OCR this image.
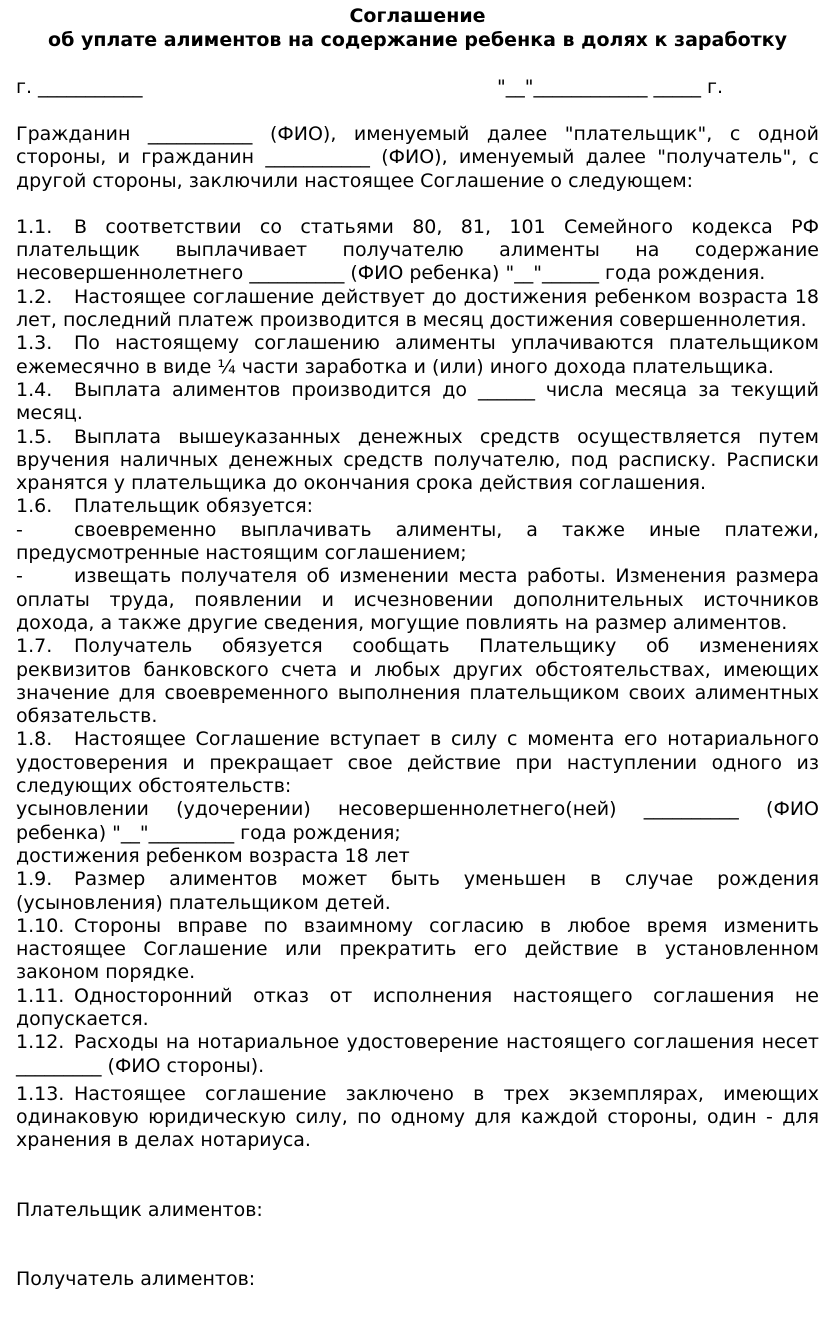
Соглашение
об уплате алиментов на содержание ребенка в долях к заработку

г. ___________	"__"____________ _____ г.

Гражданин ___________ (ФИО), именуемый далее "плательщик", с одной стороны, и гражданин ___________ (ФИО), именуемый далее "получатель", с другой стороны, заключили настоящее Соглашение о следующем:

1.1. В соответствии со статьями 80, 81, 101 Семейного кодекса РФ плательщик выплачивает получателю алименты на содержание несовершеннолетнего __________ (ФИО ребенка) "__"______ года рождения.

1.2. Настоящее соглашение действует до достижения ребенком возраста 18 лет, последний платеж производится в месяц достижения совершеннолетия.

1.3. По настоящему соглашению алименты уплачиваются плательщиком ежемесячно в виде ¼ части заработка и (или) иного дохода плательщика.

1.4. Выплата алиментов производится до ______ числа месяца за текущий месяц.

1.5. Выплата вышеуказанных денежных средств осуществляется путем вручения наличных денежных средств получателю, под расписку. Расписки хранятся у плательщика до окончания срока действия соглашения.

1.6. Плательщик обязуется:

-	своевременно выплачивать алименты, а также иные платежи, предусмотренные настоящим соглашением;

-	извещать получателя об изменении места работы. Изменения размера оплаты труда, появлении и исчезновении дополнительных источников дохода, а также другие сведения, могущие повлиять на размер алиментов.

1.7. Получатель обязуется сообщать Плательщику об изменениях реквизитов банковского счета и любых других обстоятельствах, имеющих значение для своевременного выполнения плательщиком своих алиментных обязательств.

1.8. Настоящее Соглашение вступает в силу с момента его нотариального удостоверения и прекращает свое действие при наступлении одного из следующих обстоятельств:

усыновлении (удочерении) несовершеннолетнего(ней) __________ (ФИО ребенка) "__"_________ года рождения;

достижения ребенком возраста 18 лет

1.9. Размер алиментов может быть уменьшен в случае рождения (усыновления) плательщиком детей.

1.10. Стороны вправе по взаимному согласию в любое время изменить настоящее Соглашение или прекратить его действие в установленном законом порядке.

1.11. Односторонний отказ от исполнения настоящего соглашения не допускается.

1.12. Расходы на нотариальное удостоверение настоящего соглашения несет _________ (ФИО стороны).

1.13. Настоящее соглашение заключено в трех экземплярах, имеющих одинаковую юридическую силу, по одному для каждой стороны, один - для хранения в делах нотариуса.

Плательщик алиментов:

Получатель алиментов:
